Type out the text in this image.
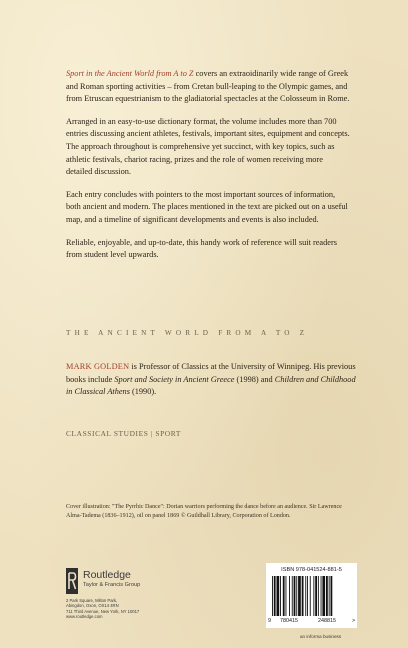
Sport in the Ancient World from A to Z covers an extraoidinarily wide range of Greek and Roman sporting activities – from Cretan bull-leaping to the Olympic games, and from Etruscan equestrianism to the gladiatorial spectacles at the Colosseum in Rome.

Arranged in an easy-to-use dictionary format, the volume includes more than 700 entries discussing ancient athletes, festivals, important sites, equipment and concepts. The approach throughout is comprehensive yet succinct, with key topics, such as athletic festivals, chariot racing, prizes and the role of women receiving more detailed discussion.

Each entry concludes with pointers to the most important sources of information, both ancient and modern. The places mentioned in the text are picked out on a useful map, and a timeline of significant developments and events is also included.

Reliable, enjoyable, and up-to-date, this handy work of reference will suit readers from student level upwards.

THE ANCIENT WORLD FROM A TO Z
MARK GOLDEN is Professor of Classics at the University of Winnipeg. His previous books include Sport and Society in Ancient Greece (1998) and Children and Childhood in Classical Athens (1990).
CLASSICAL STUDIES | SPORT
Cover illustration: "The Pyrrhic Dance": Dorian warriors performing the dance before an audience. Sir Lawrence Alma-Tadema (1836–1912), oil on panel 1869 © Guildhall Library, Corporation of London.
Routledge
Taylor & Francis Group
2 Park Square, Milton Park,
Abingdon, Oxon, OX14 4RN
711 Third Avenue, New York, NY 10017
www.routledge.com
ISBN 978-041524-881-5
9 780415	248815	>
an informa business
